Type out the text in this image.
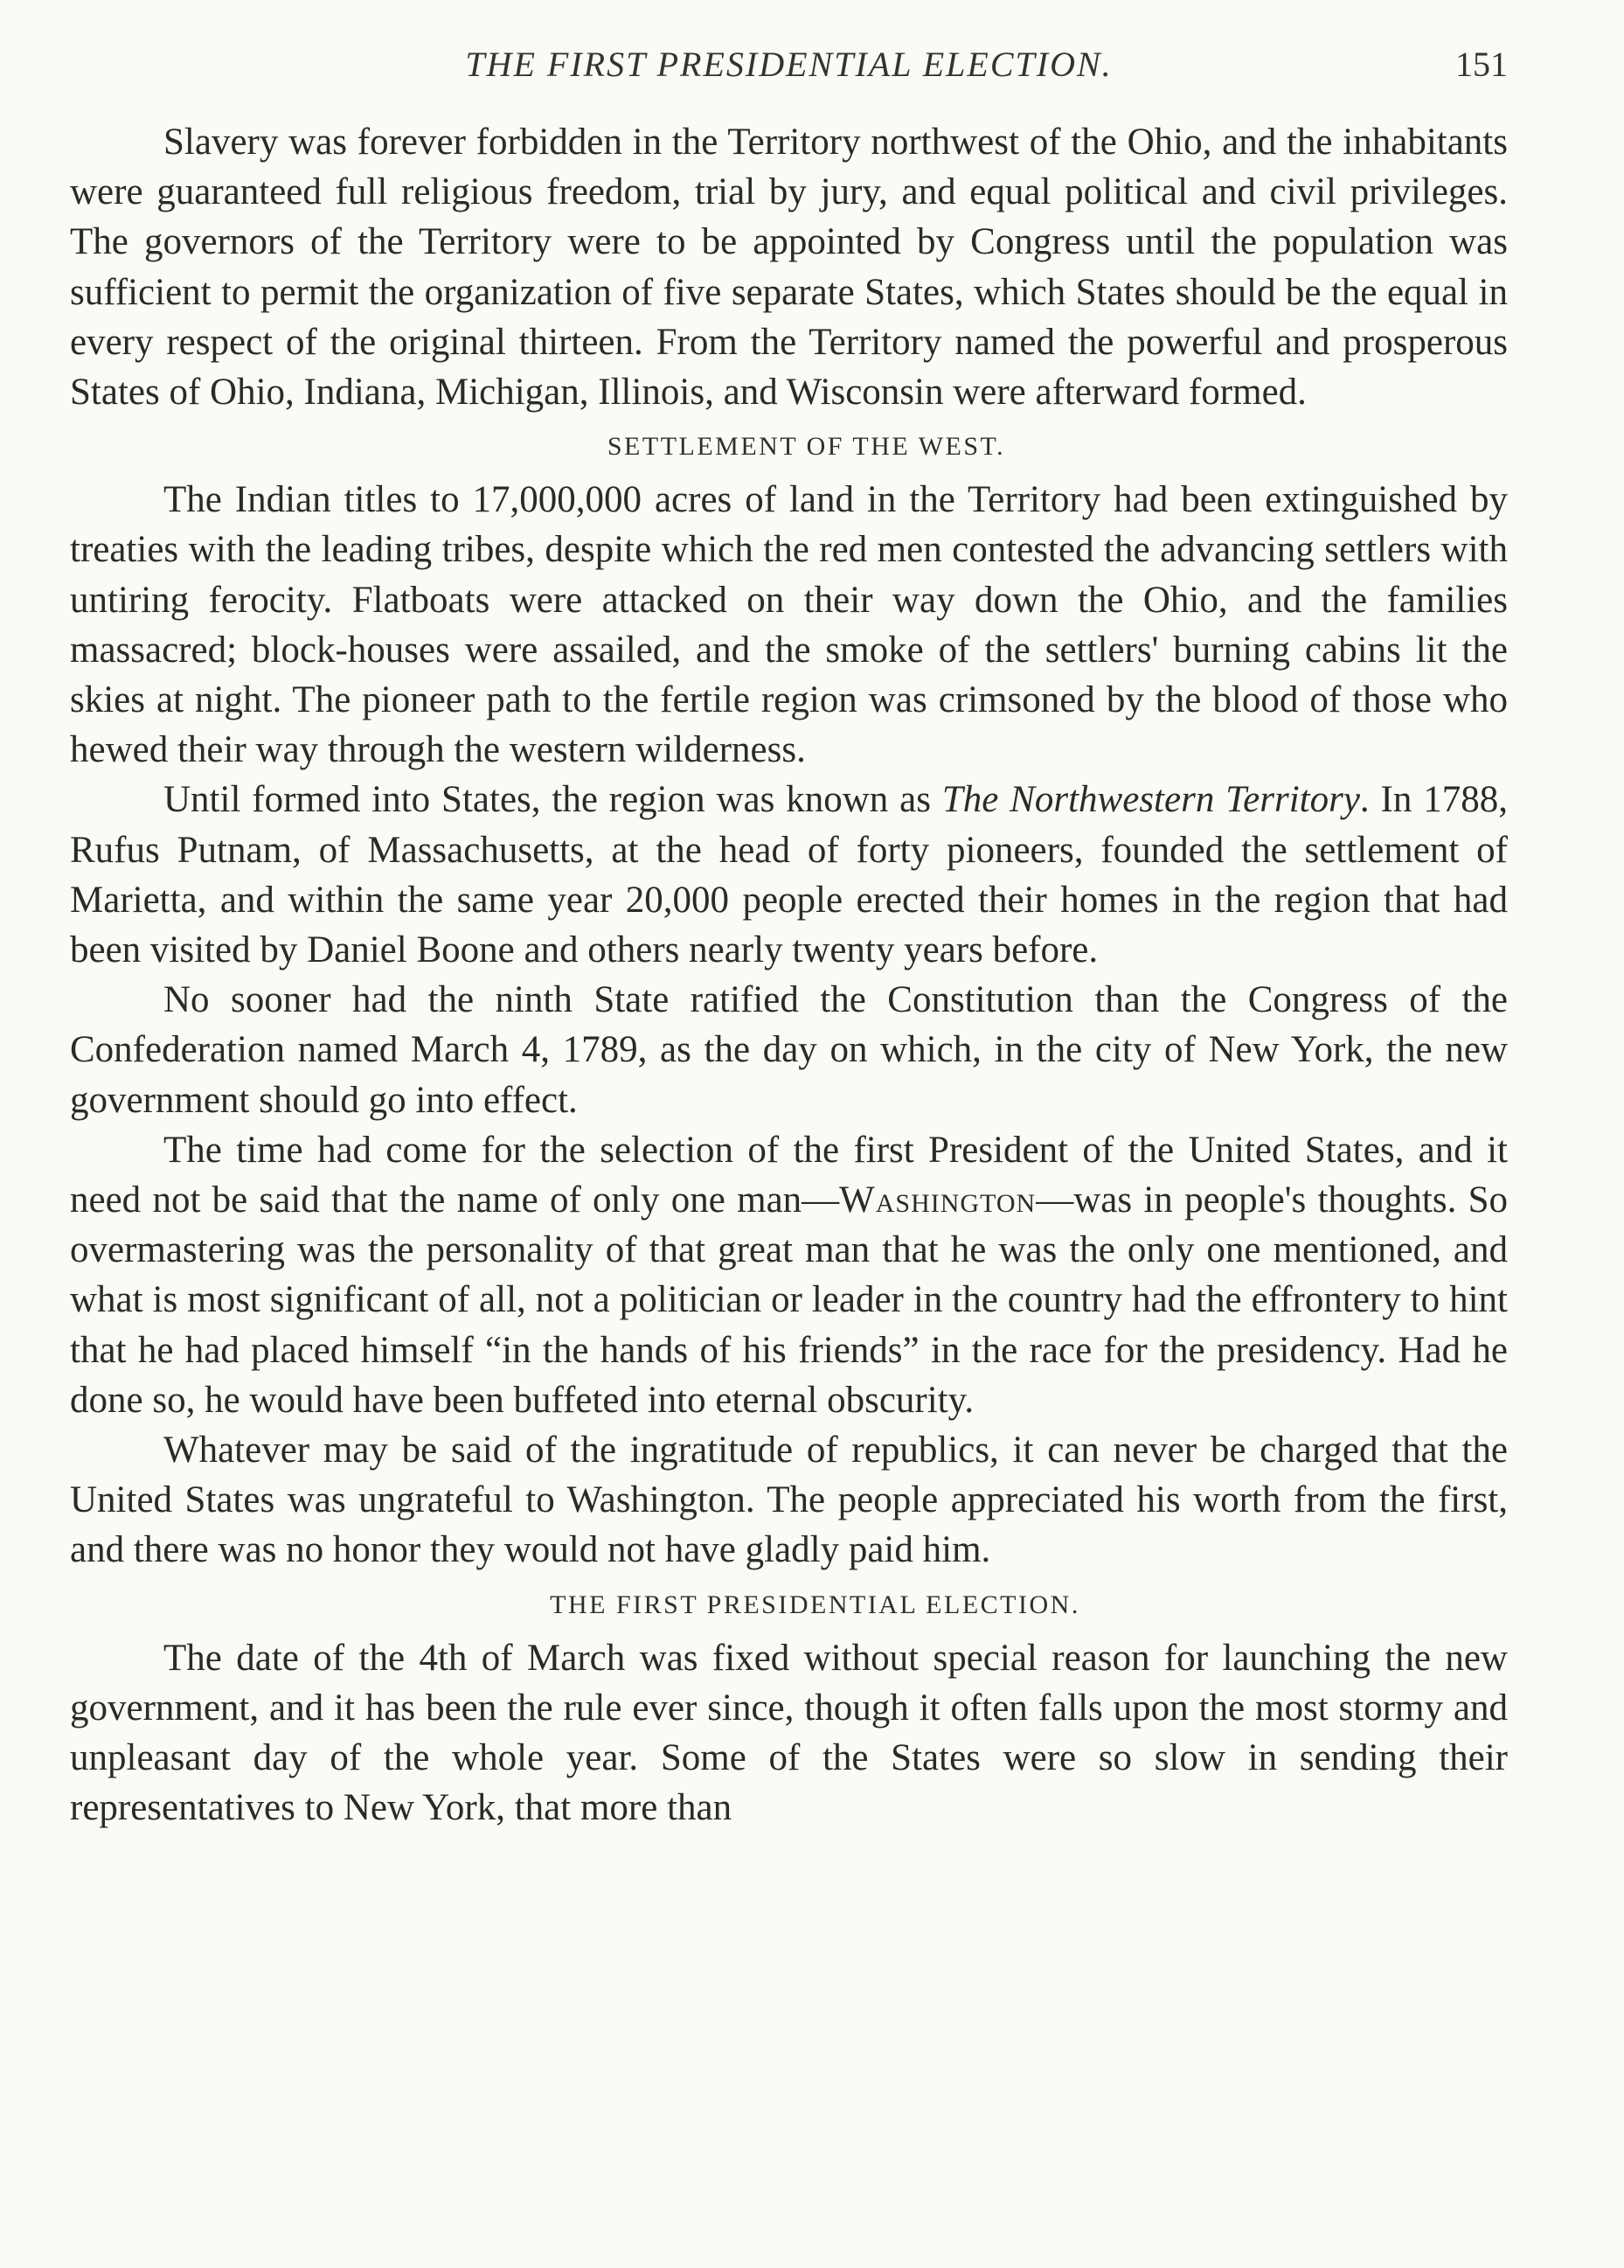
THE FIRST PRESIDENTIAL ELECTION.	151

Slavery was forever forbidden in the Territory northwest of the Ohio, and the inhabitants were guaranteed full religious freedom, trial by jury, and equal political and civil privileges. The governors of the Territory were to be appointed by Congress until the population was sufficient to permit the organization of five separate States, which States should be the equal in every respect of the original thirteen. From the Territory named the powerful and prosperous States of Ohio, Indiana, Michigan, Illinois, and Wisconsin were afterward formed.

SETTLEMENT OF THE WEST.

The Indian titles to 17,000,000 acres of land in the Territory had been extinguished by treaties with the leading tribes, despite which the red men contested the advancing settlers with untiring ferocity. Flatboats were attacked on their way down the Ohio, and the families massacred; block-houses were assailed, and the smoke of the settlers' burning cabins lit the skies at night. The pioneer path to the fertile region was crimsoned by the blood of those who hewed their way through the western wilderness.

Until formed into States, the region was known as The Northwestern Territory. In 1788, Rufus Putnam, of Massachusetts, at the head of forty pioneers, founded the settlement of Marietta, and within the same year 20,000 people erected their homes in the region that had been visited by Daniel Boone and others nearly twenty years before.

No sooner had the ninth State ratified the Constitution than the Congress of the Confederation named March 4, 1789, as the day on which, in the city of New York, the new government should go into effect.

The time had come for the selection of the first President of the United States, and it need not be said that the name of only one man—Washington—was in people's thoughts. So overmastering was the personality of that great man that he was the only one mentioned, and what is most significant of all, not a politician or leader in the country had the effrontery to hint that he had placed himself “in the hands of his friends” in the race for the presidency. Had he done so, he would have been buffeted into eternal obscurity.

Whatever may be said of the ingratitude of republics, it can never be charged that the United States was ungrateful to Washington. The people appreciated his worth from the first, and there was no honor they would not have gladly paid him.

THE FIRST PRESIDENTIAL ELECTION.

The date of the 4th of March was fixed without special reason for launching the new government, and it has been the rule ever since, though it often falls upon the most stormy and unpleasant day of the whole year. Some of the States were so slow in sending their representatives to New York, that more than
